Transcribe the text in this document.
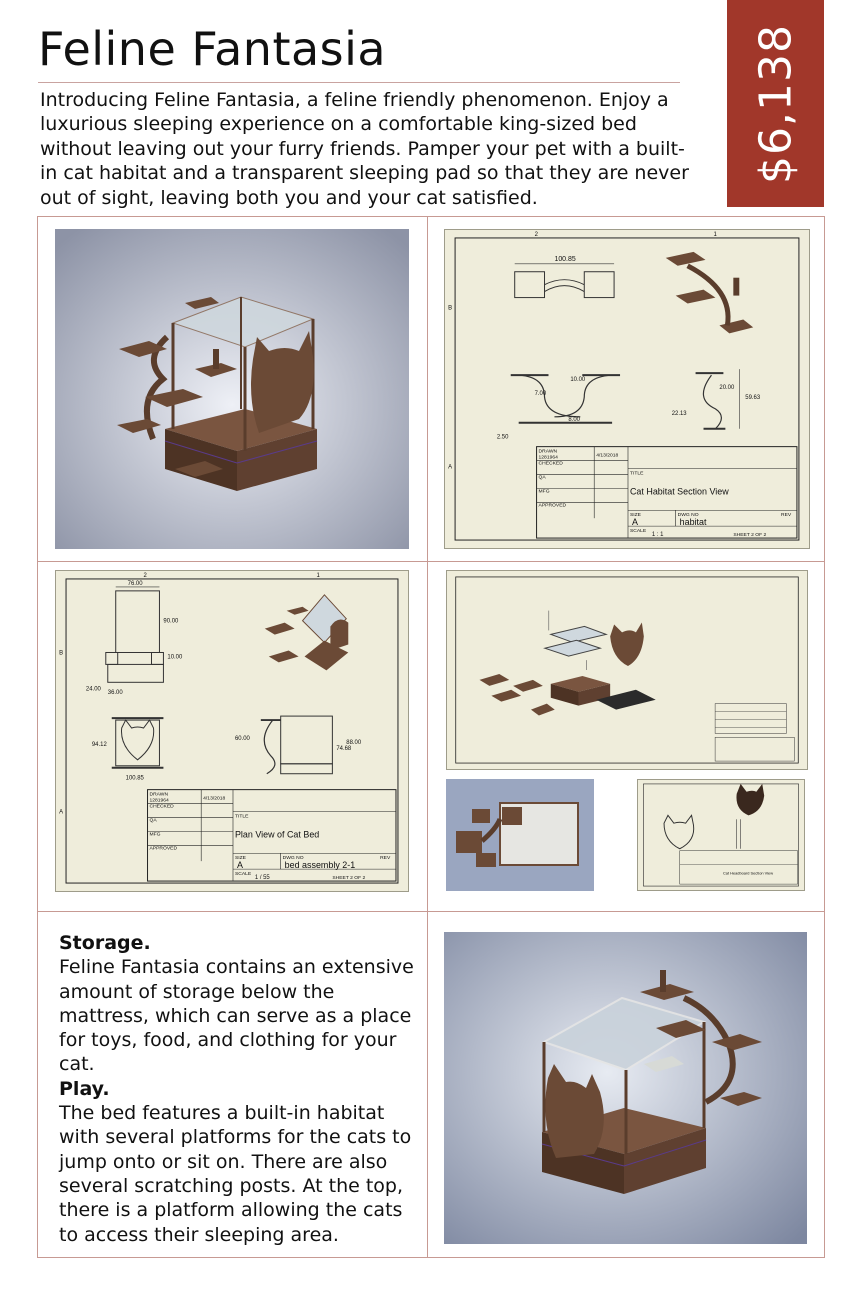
Feline Fantasia

Introducing Feline Fantasia, a feline friendly phenomenon. Enjoy a luxurious sleeping experience on a comfortable king-sized bed without leaving out your furry friends. Pamper your pet with a built-in cat habitat and a transparent sleeping pad so that they are never out of sight, leaving both you and your cat satisfied.

$6,138
2	1
B
A
100.85
10.00
7.00
8.00
2.50
20.00
59.63
22.13
DRAWN
1281964	4/13/2018
CHECKED
QA
MFG
APPROVED
TITLE
Cat Habitat Section View
SIZE
A
DWG NO
habitat
REV
SCALE
1 : 1	SHEET 2 OF 2
2	1
B
A
76.00
90.00
10.00
24.00
36.00
94.12
100.85
60.00
74.68
88.00
DRAWN
1281964	4/13/2018
CHECKED
QA
MFG
APPROVED
TITLE
Plan View of Cat Bed
SIZE
A
DWG NO
bed assembly 2-1
REV
SCALE
1 / 55	SHEET 2 OF 2
Cat Headboard Section View
Storage.
Feline Fantasia contains an extensive amount of storage below the mattress, which can serve as a place for toys, food, and clothing for your cat.
Play.
The bed features a built-in habitat with several platforms for the cats to jump onto or sit on. There are also several scratching posts. At the top, there is a platform allowing the cats to access their sleeping area.
